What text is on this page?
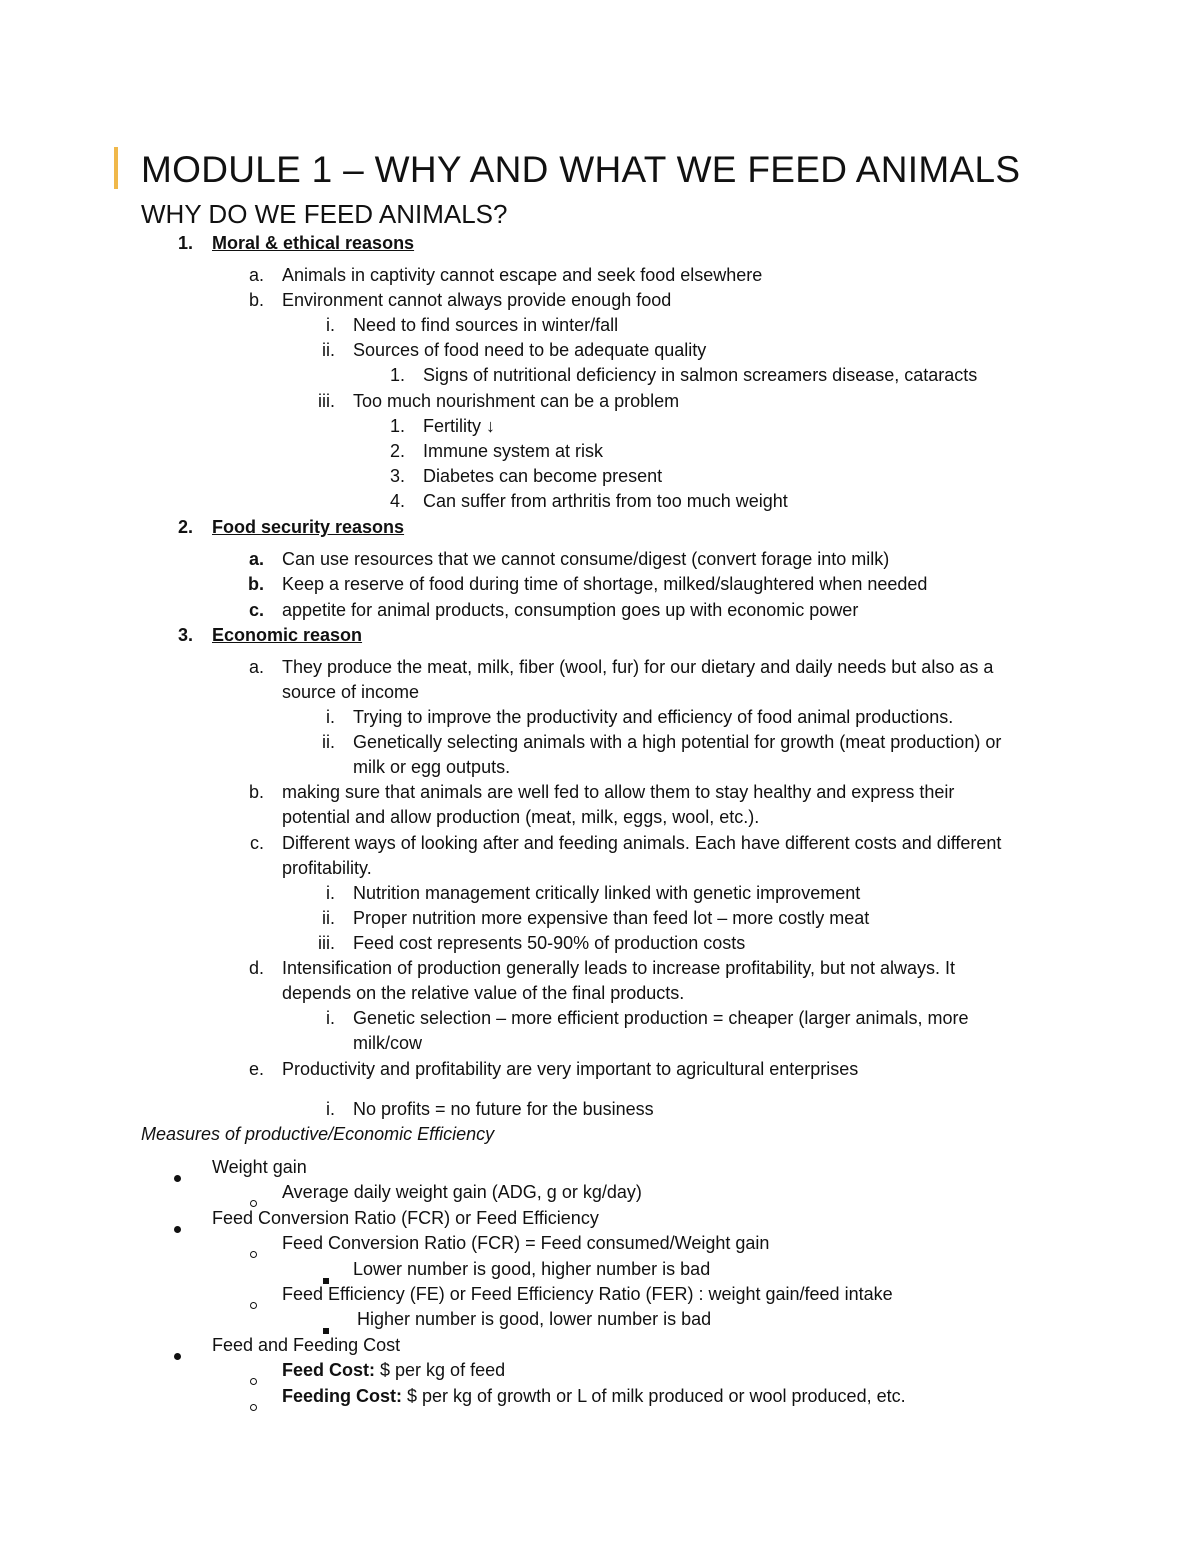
MODULE 1 – WHY AND WHAT WE FEED ANIMALS
WHY DO WE FEED ANIMALS?
1. Moral & ethical reasons
a. Animals in captivity cannot escape and seek food elsewhere
b. Environment cannot always provide enough food
i. Need to find sources in winter/fall
ii. Sources of food need to be adequate quality
1. Signs of nutritional deficiency in salmon screamers disease, cataracts
iii. Too much nourishment can be a problem
1. Fertility ↓
2. Immune system at risk
3. Diabetes can become present
4. Can suffer from arthritis from too much weight
2. Food security reasons
a. Can use resources that we cannot consume/digest (convert forage into milk)
b. Keep a reserve of food during time of shortage, milked/slaughtered when needed
c. appetite for animal products, consumption goes up with economic power
3. Economic reason
a. They produce the meat, milk, fiber (wool, fur) for our dietary and daily needs but also as a
source of income
i. Trying to improve the productivity and efficiency of food animal productions.
ii. Genetically selecting animals with a high potential for growth (meat production) or
milk or egg outputs.
b. making sure that animals are well fed to allow them to stay healthy and express their
potential and allow production (meat, milk, eggs, wool, etc.).
c. Different ways of looking after and feeding animals. Each have different costs and different
profitability.
i. Nutrition management critically linked with genetic improvement
ii. Proper nutrition more expensive than feed lot – more costly meat
iii. Feed cost represents 50-90% of production costs
d. Intensification of production generally leads to increase profitability, but not always. It
depends on the relative value of the final products.
i. Genetic selection – more efficient production = cheaper (larger animals, more
milk/cow
e. Productivity and profitability are very important to agricultural enterprises
i. No profits = no future for the business
Measures of productive/Economic Efficiency
Weight gain
Average daily weight gain (ADG, g or kg/day)
Feed Conversion Ratio (FCR) or Feed Efficiency
Feed Conversion Ratio (FCR) = Feed consumed/Weight gain
Lower number is good, higher number is bad
Feed Efficiency (FE) or Feed Efficiency Ratio (FER) : weight gain/feed intake
Higher number is good, lower number is bad
Feed and Feeding Cost
Feed Cost: $ per kg of feed
Feeding Cost: $ per kg of growth or L of milk produced or wool produced, etc.
